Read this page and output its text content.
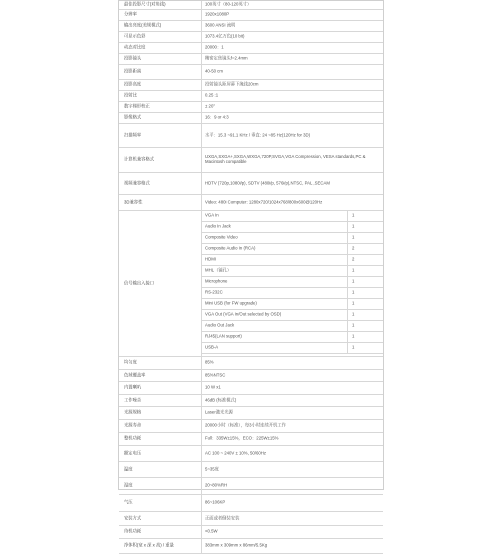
最佳投影尺寸(对角线)	100英寸（80-120英寸）
分辨率	1920x1080P
输出亮度(美规模式)	3600 ANSI 流明
可显示色彩	1073.4亿万色(10 bit)
动态对比度	20000：1
投影镜头	精密定焦镜头f=2.4mm
投影距离	40-50 cm
投影高度	投射镜头距屏幕下缘线20cm
投射比	0.25 :1
数字梯形校正	± 20°
影像格式	16：9 or 4:3
扫描频率	水平：15.3 ~91.1 KHz / 垂直: 24 ~85 Hz(120Hz for 3D)
计算机兼容格式	UXGA,SXGA+,SXGA,WXGA,720P,SVGA,VGA Compression, VESA standards,PC & Macintosh compatible
视频兼容格式	HDTV (720p,1080i/p), SDTV (480i/p, 576i/p),NTSC, PAL ,SECAM
3D兼容性	Video: 480i Computer: 1280x720/1024x768/800x600@120Hz
信号输出入接口
VGA In	1
Audio In Jack	1
Composite Video	1
Composite Audio In (RCA)	2
HDMI	2
MHL（镜孔）	1
Microphone	1
RS-232C	1
Mini USB (for FW upgrade)	1
VGA Out (VGA In/Out selected by OSD)	1
Audio Out Jack	1
RJ45(LAN support)	1
USB-A	1
均匀度	85%
色域覆盖率	85%NTSC
内置喇叭	10 W x1
工作噪音	46dB (标准模式)
光源规格	Laser激光光源
光源寿命	20000小时（标准），每3小时连续开机工作
整机功耗	Full：335W±15%，ECO：225W±15%
额定电压	AC 100 ~ 240V ± 10%, 50/60Hz
温度	5~35度
湿度	20~80%RH
气压	86~106KP
安装方式	正面或者倒装安装
待机功耗	<0.5W
净体积(宽 x 深 x 高) / 重量	383mm x 309mm x 86mm/5.5Kg
